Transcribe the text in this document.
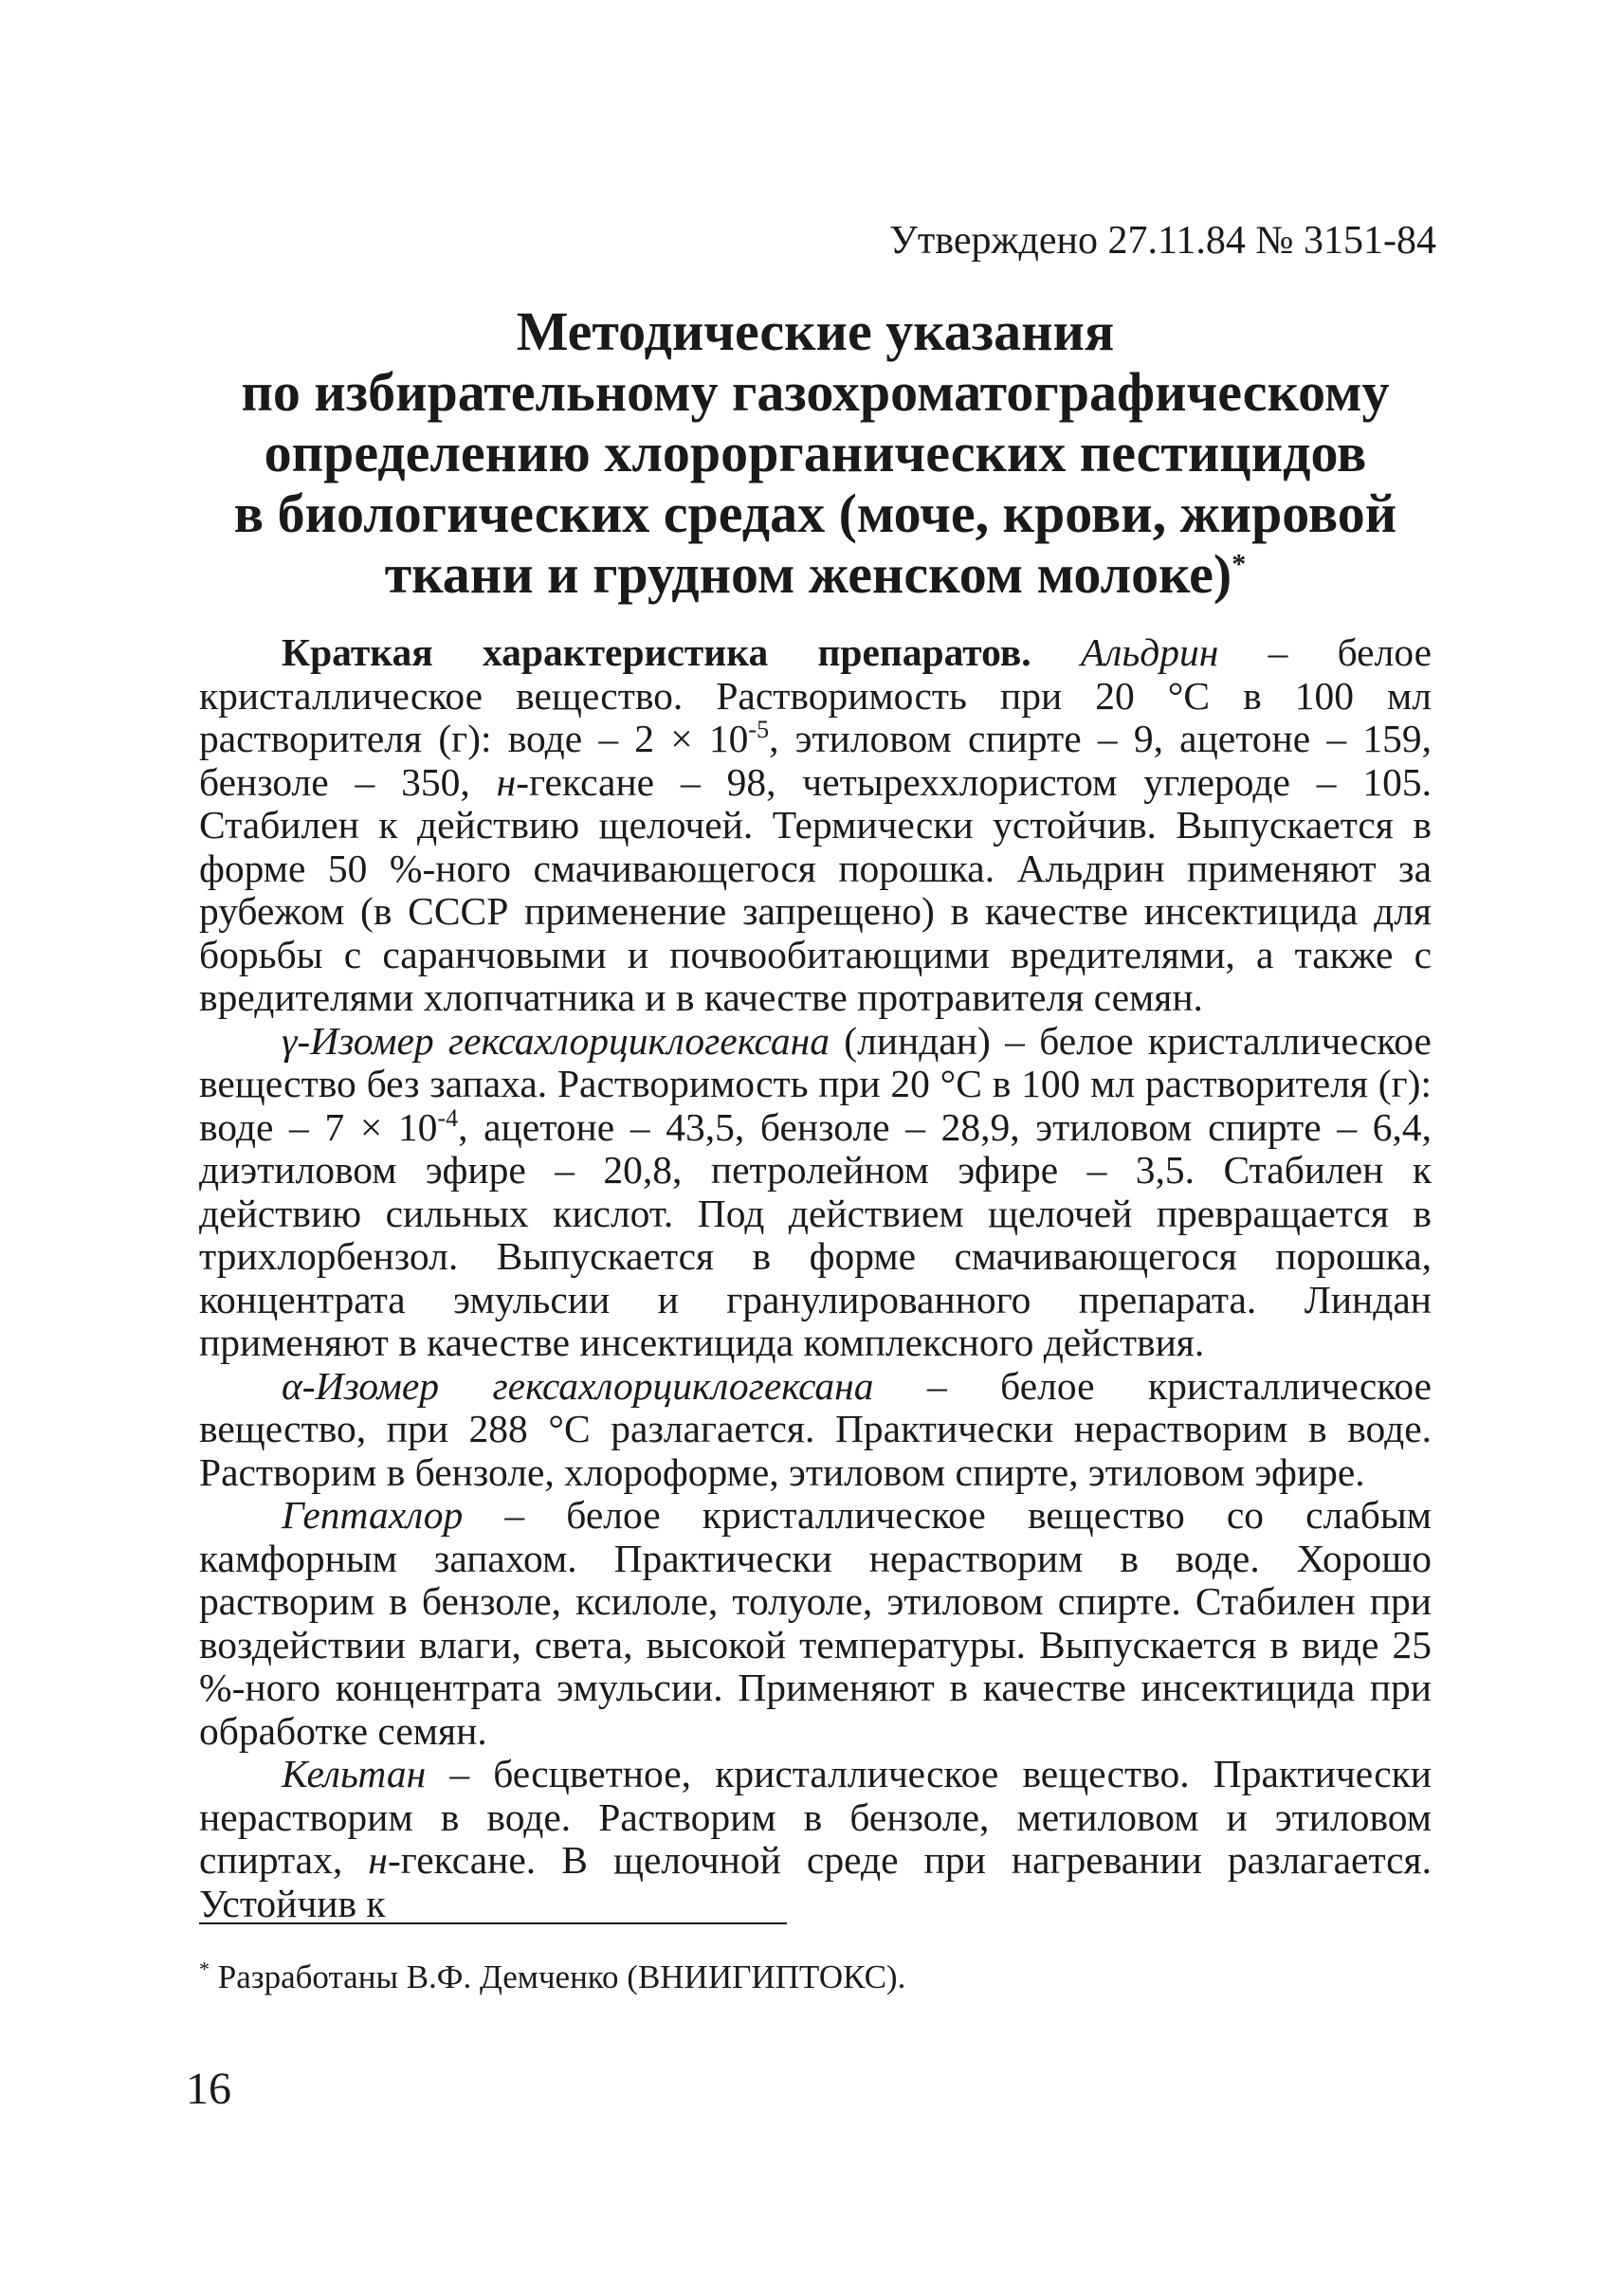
Утверждено 27.11.84 № 3151-84
Методические указания
по избирательному газохроматографическому
определению хлорорганических пестицидов
в биологических средах (моче, крови, жировой
ткани и грудном женском молоке)*

Краткая характеристика препаратов. Альдрин – белое кристаллическое вещество. Растворимость при 20 °С в 100 мл растворителя (г): воде – $2 \times 10^{-5}$, этиловом спирте – 9, ацетоне – 159, бензоле – 350, н-гексане – 98, четыреххлористом углероде – 105. Стабилен к действию щелочей. Термически устойчив. Выпускается в форме 50 %-ного смачивающегося порошка. Альдрин применяют за рубежом (в СССР применение запрещено) в качестве инсектицида для борьбы с саранчовыми и почвообитающими вредителями, а также с вредителями хлопчатника и в качестве протравителя семян.

γ-Изомер гексахлорциклогексана (линдан) – белое кристаллическое вещество без запаха. Растворимость при 20 °С в 100 мл растворителя (г): воде – $7 \times 10^{-4}$, ацетоне – 43,5, бензоле – 28,9, этиловом спирте – 6,4, диэтиловом эфире – 20,8, петролейном эфире – 3,5. Стабилен к действию сильных кислот. Под действием щелочей превращается в трихлорбензол. Выпускается в форме смачивающегося порошка, концентрата эмульсии и гранулированного препарата. Линдан применяют в качестве инсектицида комплексного действия.

α-Изомер гексахлорциклогексана – белое кристаллическое вещество, при 288 °С разлагается. Практически нерастворим в воде. Растворим в бензоле, хлороформе, этиловом спирте, этиловом эфире.

Гептахлор – белое кристаллическое вещество со слабым камфорным запахом. Практически нерастворим в воде. Хорошо растворим в бензоле, ксилоле, толуоле, этиловом спирте. Стабилен при воздействии влаги, света, высокой температуры. Выпускается в виде 25 %-ного концентрата эмульсии. Применяют в качестве инсектицида при обработке семян.

Кельтан – бесцветное, кристаллическое вещество. Практически нерастворим в воде. Растворим в бензоле, метиловом и этиловом спиртах, н-гексане. В щелочной среде при нагревании разлагается. Устойчив к

* Разработаны В.Ф. Демченко (ВНИИГИПТОКС).
16
